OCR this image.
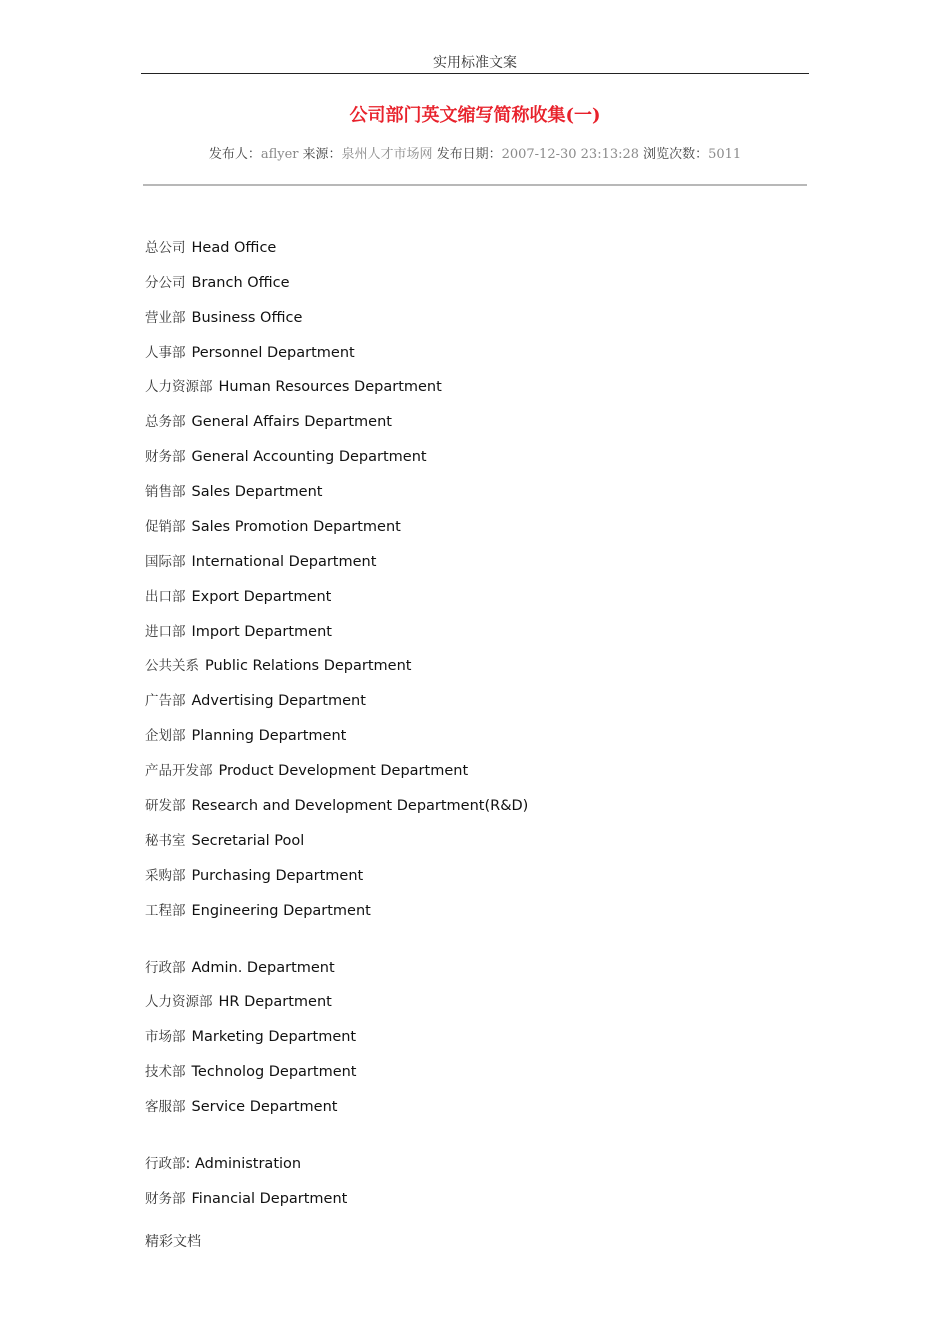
实用标准文案
公司部门英文缩写简称收集(一)
发布人：aflyer 来源：泉州人才市场网 发布日期：2007-12-30 23:13:28 浏览次数：5011
总公司 Head Office
分公司 Branch Office
营业部 Business Office
人事部 Personnel Department
人力资源部 Human Resources Department
总务部 General Affairs Department
财务部 General Accounting Department
销售部 Sales Department
促销部 Sales Promotion Department
国际部 International Department
出口部 Export Department
进口部 Import Department
公共关系 Public Relations Department
广告部 Advertising Department
企划部 Planning Department
产品开发部 Product Development Department
研发部 Research and Development Department(R&D)
秘书室 Secretarial Pool
采购部 Purchasing Department
工程部 Engineering Department
行政部 Admin. Department
人力资源部 HR Department
市场部 Marketing Department
技术部 Technolog Department
客服部 Service Department
行政部: Administration
财务部 Financial Department
精彩文档
